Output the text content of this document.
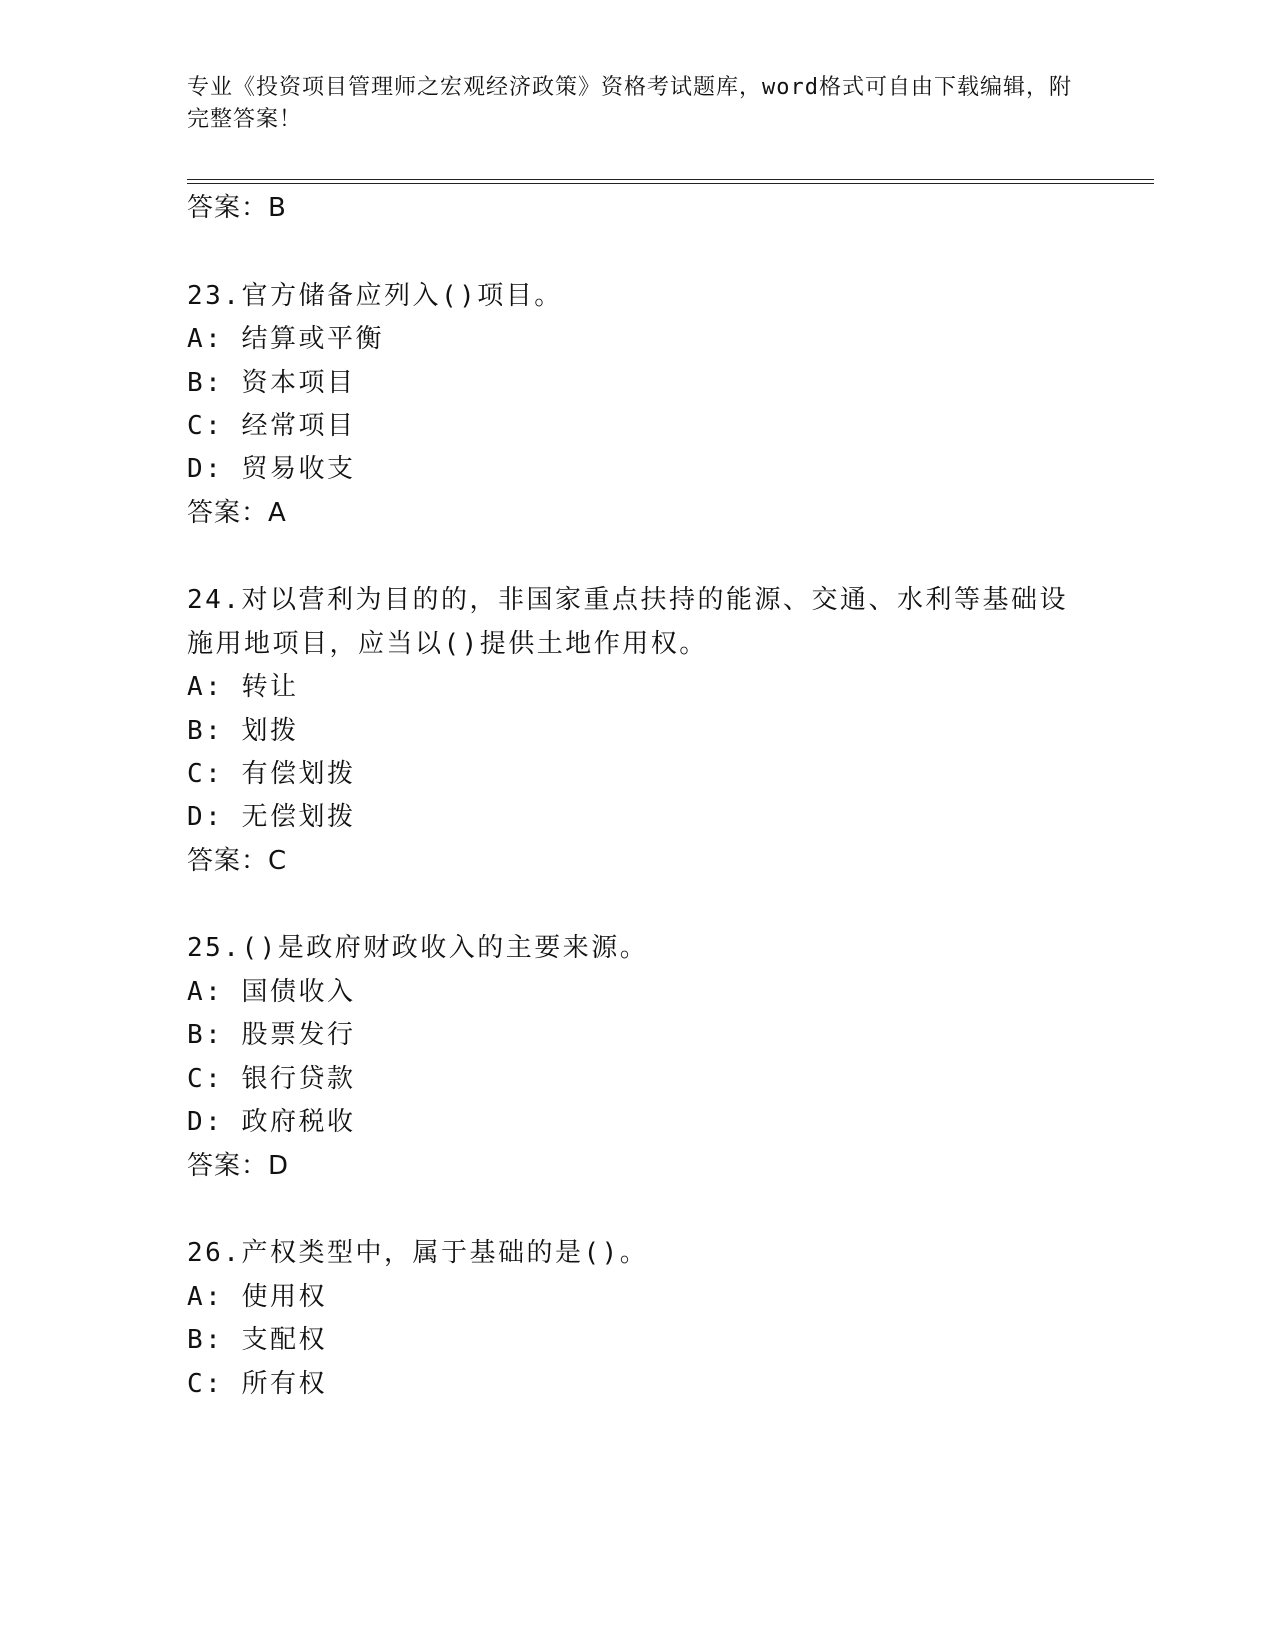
专业《投资项目管理师之宏观经济政策》资格考试题库，word格式可自由下载编辑，附完整答案！
答案：B
23.官方储备应列入()项目。
A: 结算或平衡
B: 资本项目
C: 经常项目
D: 贸易收支
答案：A
24.对以营利为目的的，非国家重点扶持的能源、交通、水利等基础设
施用地项目，应当以()提供土地作用权。
A: 转让
B: 划拨
C: 有偿划拨
D: 无偿划拨
答案：C
25.()是政府财政收入的主要来源。
A: 国债收入
B: 股票发行
C: 银行贷款
D: 政府税收
答案：D
26.产权类型中，属于基础的是()。
A: 使用权
B: 支配权
C: 所有权
